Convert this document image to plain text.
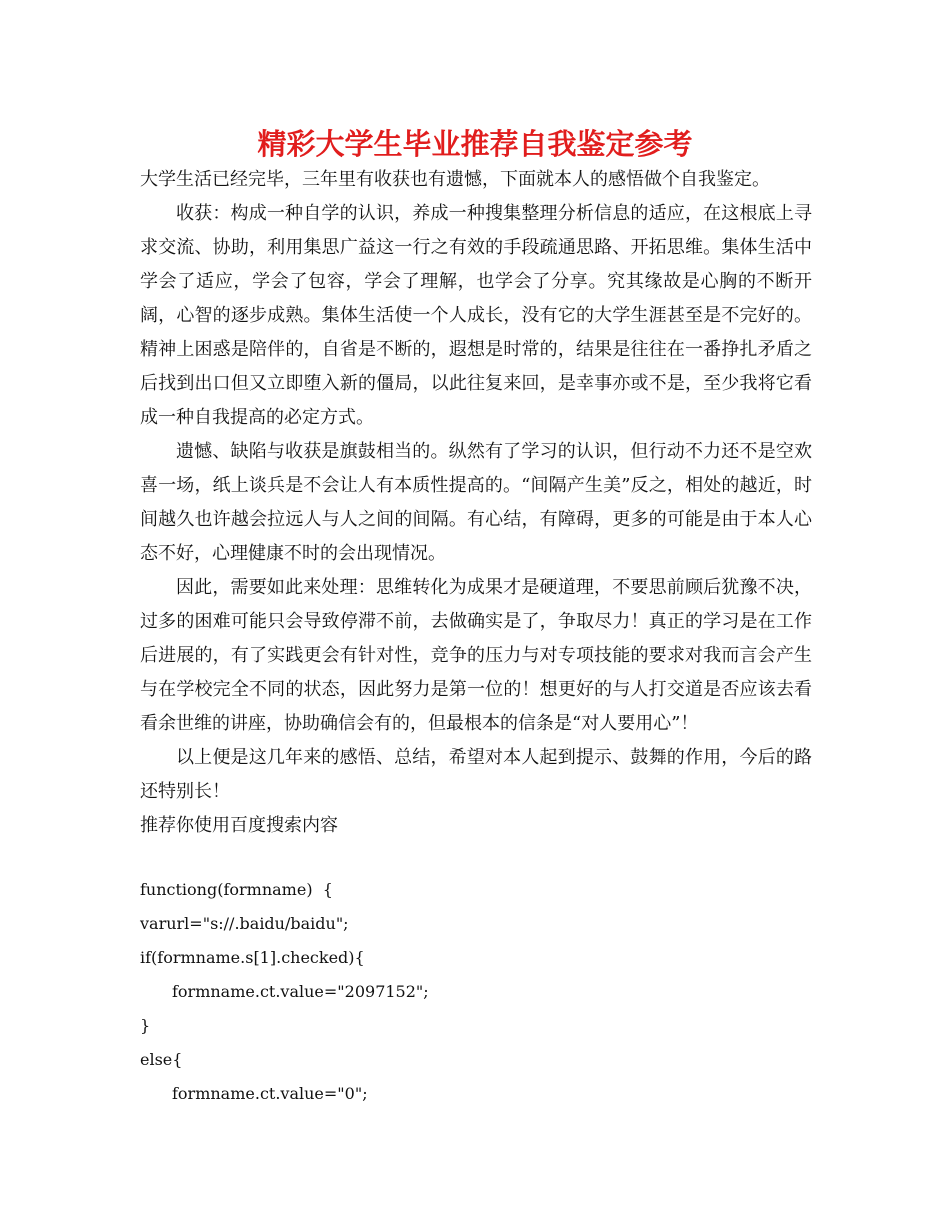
精彩大学生毕业推荐自我鉴定参考

大学生活已经完毕，三年里有收获也有遗憾，下面就本人的感悟做个自我鉴定。

收获：构成一种自学的认识，养成一种搜集整理分析信息的适应，在这根底上寻求交流、协助，利用集思广益这一行之有效的手段疏通思路、开拓思维。集体生活中学会了适应，学会了包容，学会了理解，也学会了分享。究其缘故是心胸的不断开阔，心智的逐步成熟。集体生活使一个人成长，没有它的大学生涯甚至是不完好的。精神上困惑是陪伴的，自省是不断的，遐想是时常的，结果是往往在一番挣扎矛盾之后找到出口但又立即堕入新的僵局，以此往复来回，是幸事亦或不是，至少我将它看成一种自我提高的必定方式。

遗憾、缺陷与收获是旗鼓相当的。纵然有了学习的认识，但行动不力还不是空欢喜一场，纸上谈兵是不会让人有本质性提高的。“间隔产生美”反之，相处的越近，时间越久也许越会拉远人与人之间的间隔。有心结，有障碍，更多的可能是由于本人心态不好，心理健康不时的会出现情况。

因此，需要如此来处理：思维转化为成果才是硬道理，不要思前顾后犹豫不决，过多的困难可能只会导致停滞不前，去做确实是了，争取尽力！真正的学习是在工作后进展的，有了实践更会有针对性，竞争的压力与对专项技能的要求对我而言会产生与在学校完全不同的状态，因此努力是第一位的！想更好的与人打交道是否应该去看看余世维的讲座，协助确信会有的，但最根本的信条是“对人要用心”！

以上便是这几年来的感悟、总结，希望对本人起到提示、鼓舞的作用，今后的路还特别长！

推荐你使用百度搜索内容

functiong(formname)  {
varurl="s://.baidu/baidu";
if(formname.s[1].checked){
formname.ct.value="2097152";
}
else{
formname.ct.value="0";
